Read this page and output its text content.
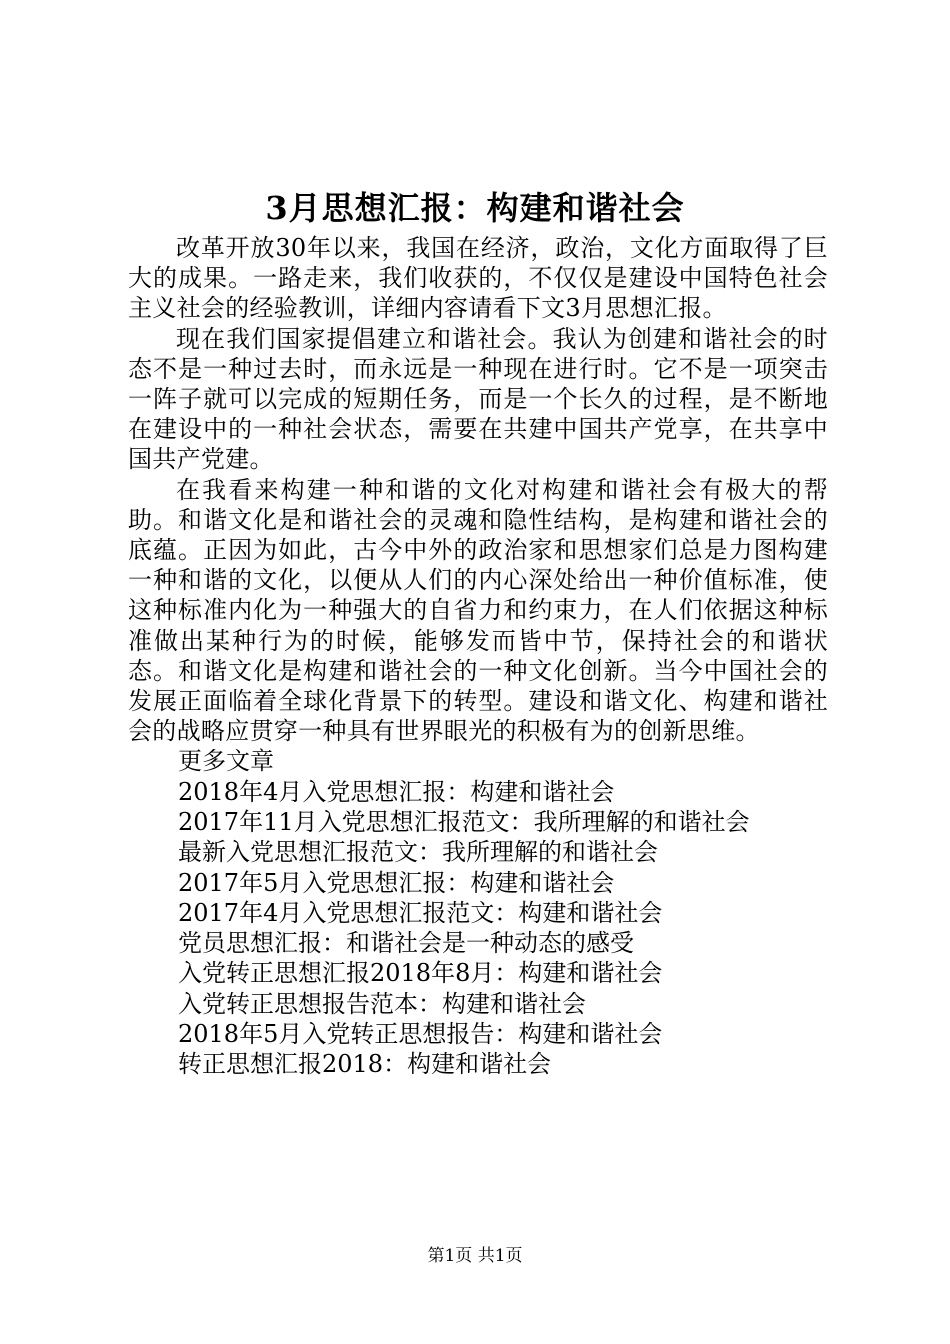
3月思想汇报：构建和谐社会

改革开放30年以来，我国在经济，政治，文化方面取得了巨大的成果。一路走来，我们收获的，不仅仅是建设中国特色社会主义社会的经验教训，详细内容请看下文3月思想汇报。

现在我们国家提倡建立和谐社会。我认为创建和谐社会的时态不是一种过去时，而永远是一种现在进行时。它不是一项突击一阵子就可以完成的短期任务，而是一个长久的过程，是不断地在建设中的一种社会状态，需要在共建中国共产党享，在共享中国共产党建。

在我看来构建一种和谐的文化对构建和谐社会有极大的帮助。和谐文化是和谐社会的灵魂和隐性结构，是构建和谐社会的底蕴。正因为如此，古今中外的政治家和思想家们总是力图构建一种和谐的文化，以便从人们的内心深处给出一种价值标准，使这种标准内化为一种强大的自省力和约束力，在人们依据这种标准做出某种行为的时候，能够发而皆中节，保持社会的和谐状态。和谐文化是构建和谐社会的一种文化创新。当今中国社会的发展正面临着全球化背景下的转型。建设和谐文化、构建和谐社会的战略应贯穿一种具有世界眼光的积极有为的创新思维。

更多文章

2018年4月入党思想汇报：构建和谐社会
2017年11月入党思想汇报范文：我所理解的和谐社会
最新入党思想汇报范文：我所理解的和谐社会
2017年5月入党思想汇报：构建和谐社会
2017年4月入党思想汇报范文：构建和谐社会
党员思想汇报：和谐社会是一种动态的感受
入党转正思想汇报2018年8月：构建和谐社会
入党转正思想报告范本：构建和谐社会
2018年5月入党转正思想报告：构建和谐社会
转正思想汇报2018：构建和谐社会
第1页 共1页
